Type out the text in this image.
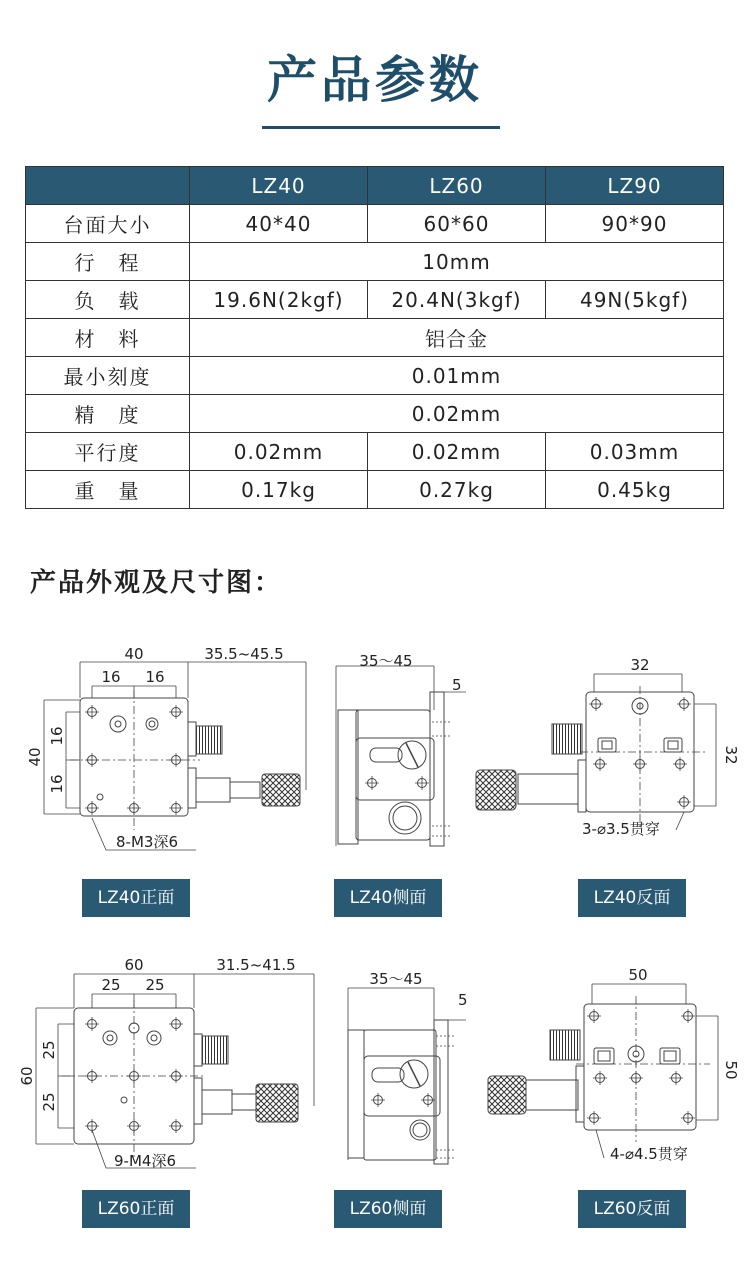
产品参数
	LZ40	LZ60	LZ90
台面大小	40*40	60*60	90*90
行　程	10mm		
负　载	19.6N(2kgf)	20.4N(3kgf)	49N(5kgf)
材　料	铝合金		
最小刻度	0.01mm		
精　度	0.02mm		
平行度	0.02mm	0.02mm	0.03mm
重　量	0.17kg	0.27kg	0.45kg
产品外观及尺寸图：
40	35.5~45.5
16 16
40
16
16
8-M3深6
35～45
5
32
32
3-⌀3.5贯穿
60	31.5~41.5
25 25
60
25
25
9-M4深6
35～45
5
50
50
4-⌀4.5贯穿
LZ40正面	LZ40侧面	LZ40反面
LZ60正面	LZ60侧面	LZ60反面
